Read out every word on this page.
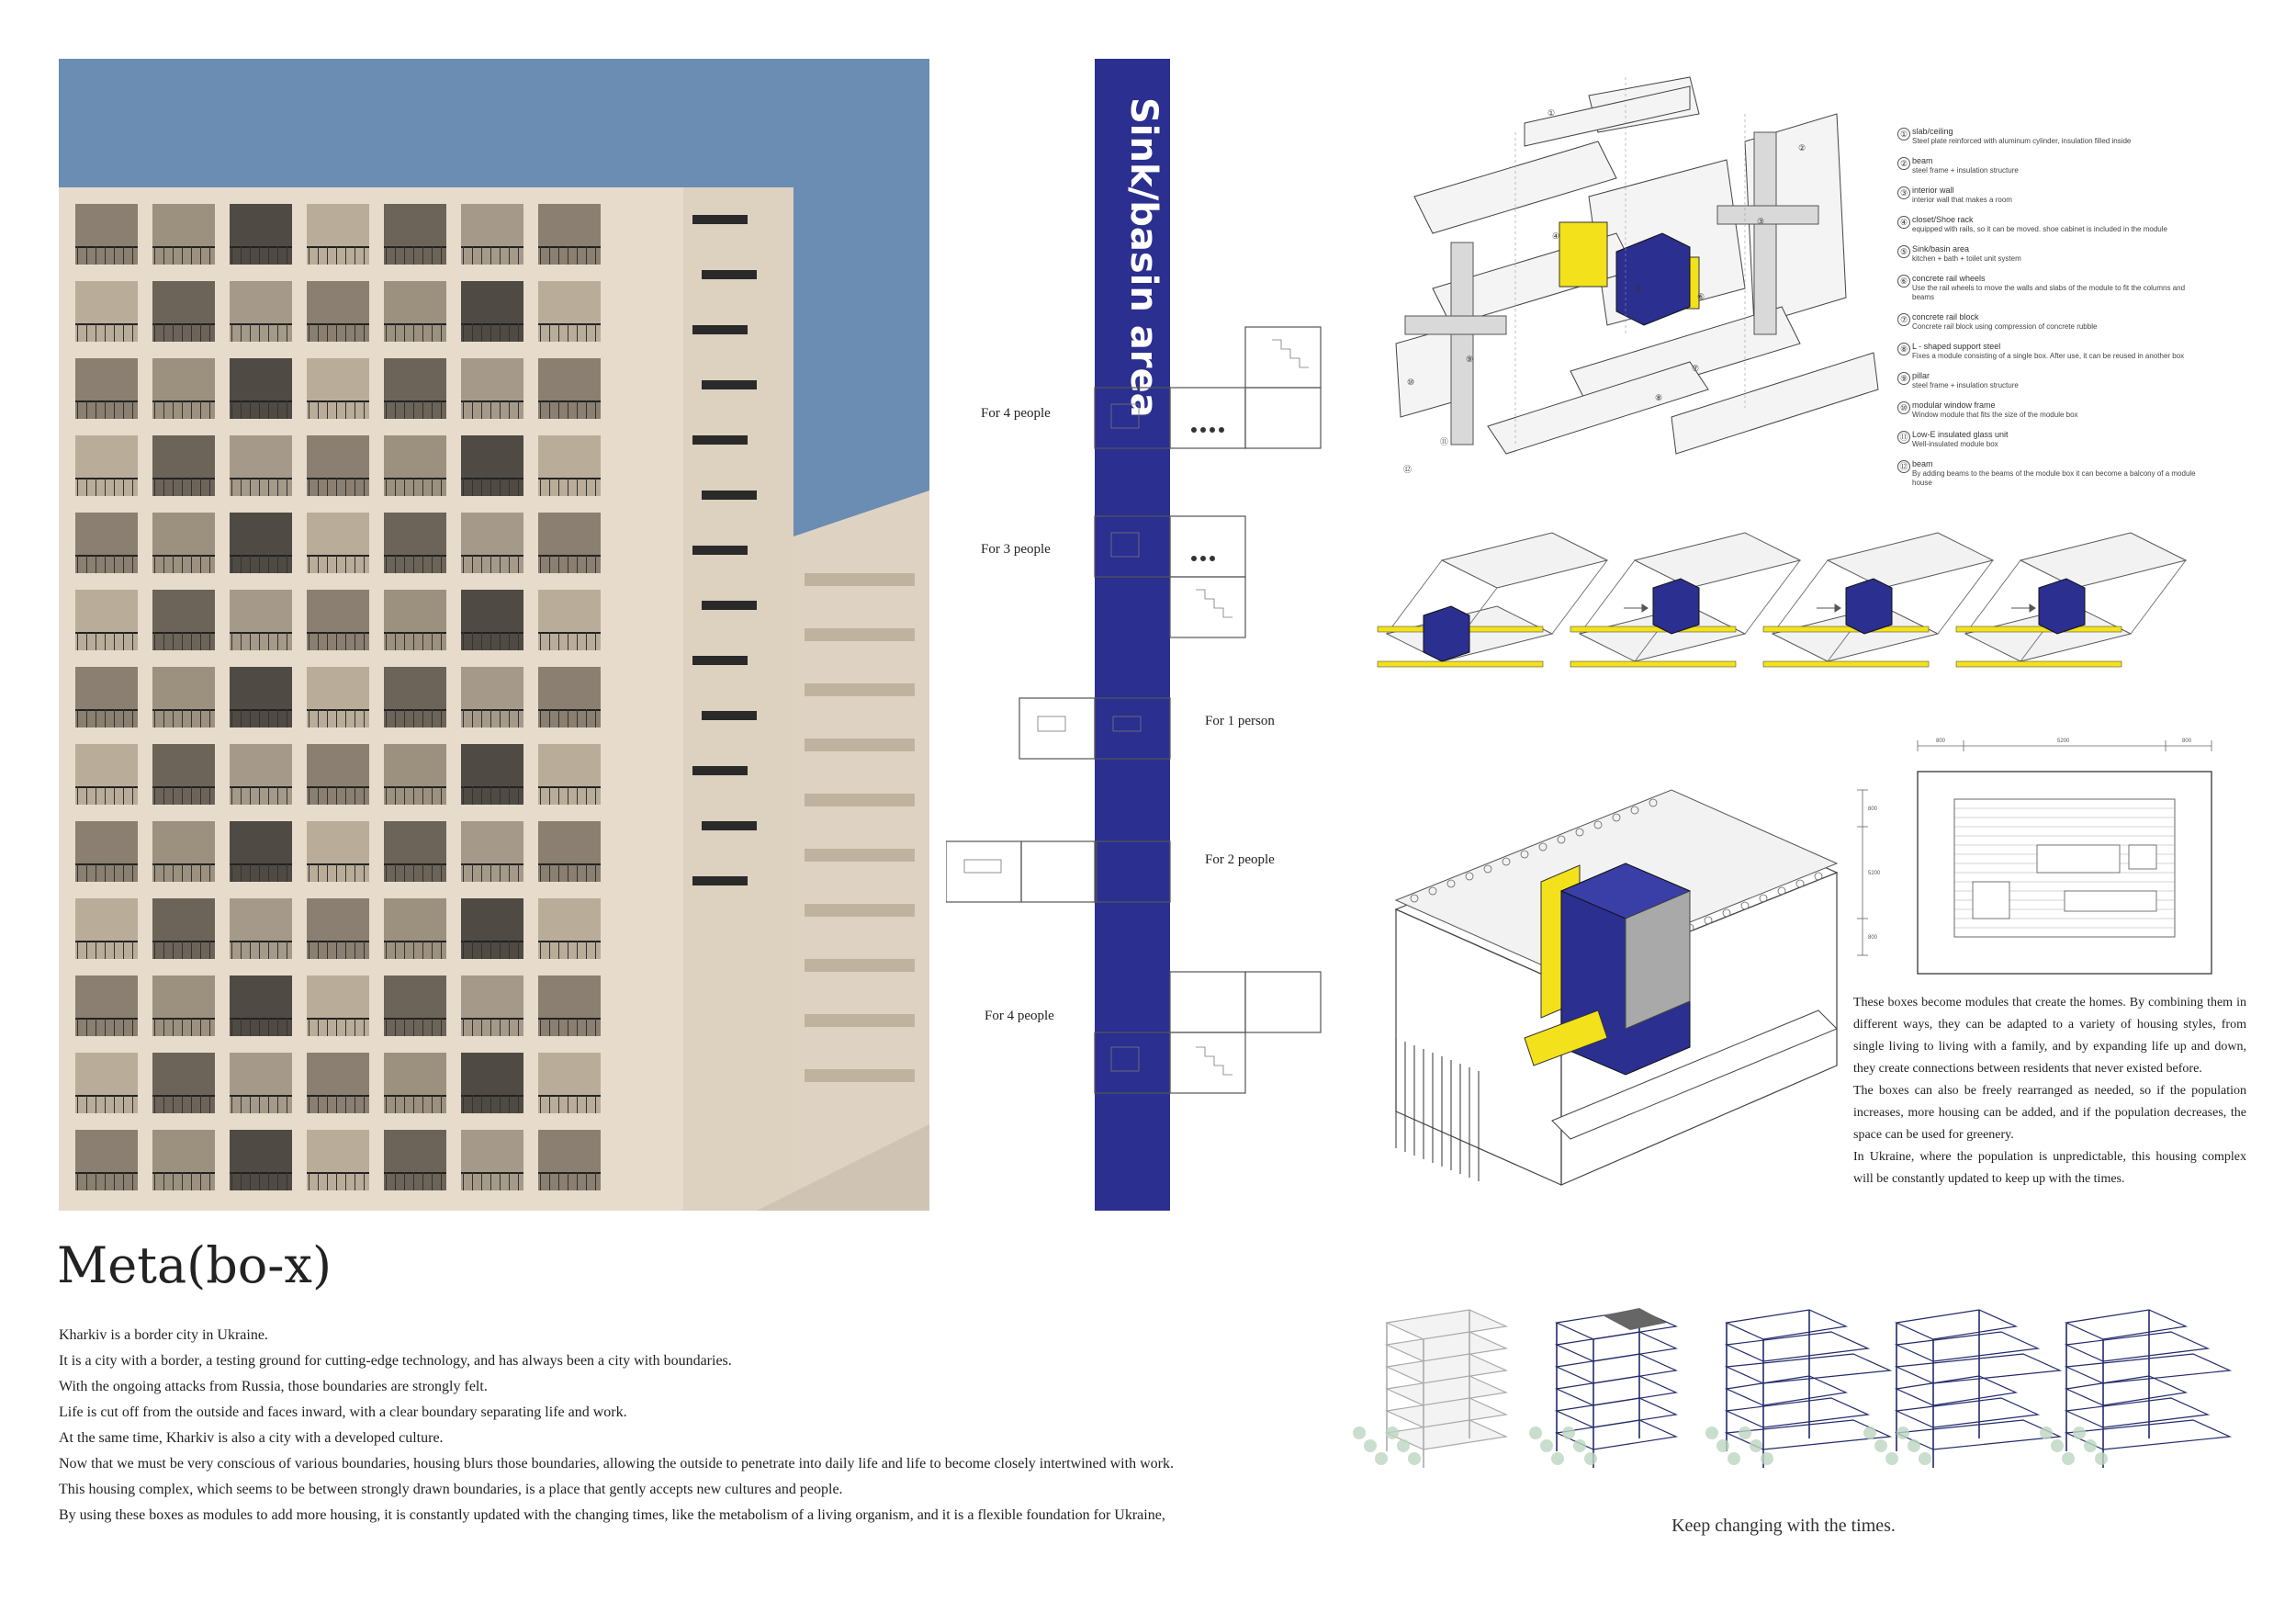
Sink/basin area
For 4 people
For 3 people
For 1 person
For 2 people
For 4 people
①
②
③
④
⑤
⑥
⑦
⑧
⑨
⑩
⑪
⑫
① slab/ceiling
Steel plate reinforced with aluminum cylinder, insulation filled inside
② beam
steel frame + insulation structure
③ interior wall
interior wall that makes a room
④ closet/Shoe rack
equipped with rails, so it can be moved. shoe cabinet is included in the module
⑤ Sink/basin area
kitchen + bath + toilet unit system
⑥ concrete rail wheels
Use the rail wheels to move the walls and slabs of the module to fit the columns and beams
⑦ concrete rail block
Concrete rail block using compression of concrete rubble
⑧ L - shaped support steel
Fixes a module consisting of a single box. After use, it can be reused in another box
⑨ pillar
steel frame + insulation structure
⑩ modular window frame
Window module that fits the size of the module box
⑪ Low-E insulated glass unit
Well-insulated module box
⑫ beam
By adding beams to the beams of the module box it can become a balcony of a module house
800	5200	800
800
5200
800

These boxes become modules that create the homes. By combining them in different ways, they can be adapted to a variety of housing styles, from single living to living with a family, and by expanding life up and down, they create connections between residents that never existed before.

The boxes can also be freely rearranged as needed, so if the population increases, more housing can be added, and if the population decreases, the space can be used for greenery.

In Ukraine, where the population is unpredictable, this housing complex will be constantly updated to keep up with the times.

Meta(bo-x)

Kharkiv is a border city in Ukraine.

It is a city with a border, a testing ground for cutting-edge technology, and has always been a city with boundaries.

With the ongoing attacks from Russia, those boundaries are strongly felt.

Life is cut off from the outside and faces inward, with a clear boundary separating life and work.

At the same time, Kharkiv is also a city with a developed culture.

Now that we must be very conscious of various boundaries, housing blurs those boundaries, allowing the outside to penetrate into daily life and life to become closely intertwined with work.

This housing complex, which seems to be between strongly drawn boundaries, is a place that gently accepts new cultures and people.

By using these boxes as modules to add more housing, it is constantly updated with the changing times, like the metabolism of a living organism, and it is a flexible foundation for Ukraine,

Keep changing with the times.
